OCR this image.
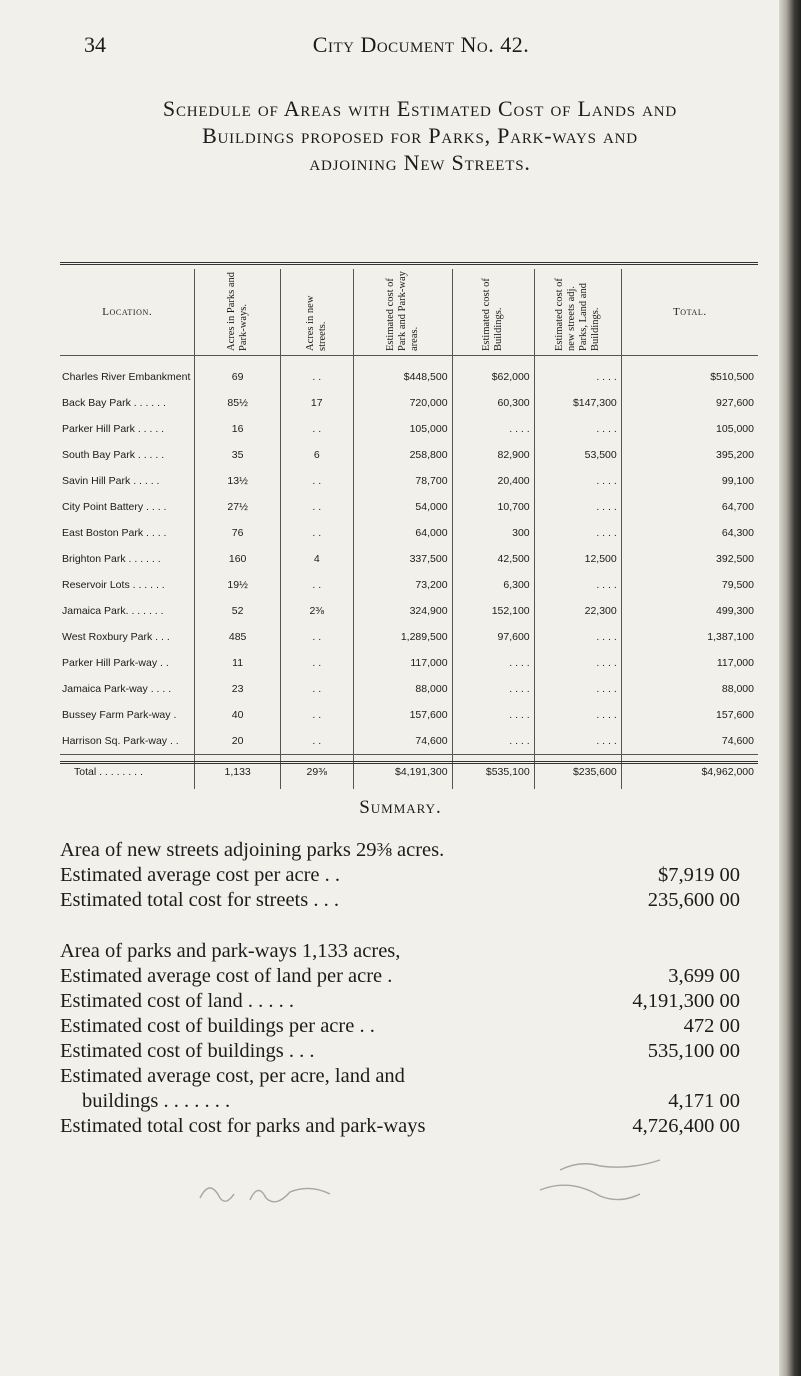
34	City Document No. 42.
Schedule of Areas with Estimated Cost of Lands and
Buildings proposed for Parks, Park-ways and
adjoining New Streets.
Location.	Acres in Parks and Park-ways.	Acres in new streets.	Estimated cost of Park and Park-way areas.	Estimated cost of Buildings.	Estimated cost of new streets adj. Parks, Land and Buildings.	Total.
Charles River Embankment	69	. .	$448,500	$62,000	. . . .	$510,500
Back Bay Park . . . . . .	85½	17	720,000	60,300	$147,300	927,600
Parker Hill Park . . . . .	16	. .	105,000	. . . .	. . . .	105,000
South Bay Park . . . . .	35	6	258,800	82,900	53,500	395,200
Savin Hill Park . . . . .	13½	. .	78,700	20,400	. . . .	99,100
City Point Battery . . . .	27½	. .	54,000	10,700	. . . .	64,700
East Boston Park . . . .	76	. .	64,000	300	. . . .	64,300
Brighton Park . . . . . .	160	4	337,500	42,500	12,500	392,500
Reservoir Lots . . . . . .	19½	. .	73,200	6,300	. . . .	79,500
Jamaica Park. . . . . . .	52	2⅜	324,900	152,100	22,300	499,300
West Roxbury Park . . .	485	. .	1,289,500	97,600	. . . .	1,387,100
Parker Hill Park-way . .	11	. .	117,000	. . . .	. . . .	117,000
Jamaica Park-way . . . .	23	. .	88,000	. . . .	. . . .	88,000
Bussey Farm Park-way .	40	. .	157,600	. . . .	. . . .	157,600
Harrison Sq. Park-way . .	20	. .	74,600	. . . .	. . . .	74,600
Total . . . . . . . .	1,133	29⅜	$4,191,300	$535,100	$235,600	$4,962,000
Summary.
Area of new streets adjoining parks 29⅜ acres.
Estimated average cost per acre . .	$7,919 00
Estimated total cost for streets . . .	235,600 00
Area of parks and park-ways 1,133 acres,
Estimated average cost of land per acre .	3,699 00
Estimated cost of land . . . . .	4,191,300 00
Estimated cost of buildings per acre . .	472 00
Estimated cost of buildings . . .	535,100 00
Estimated average cost, per acre, land and
buildings . . . . . . .	4,171 00
Estimated total cost for parks and park-ways	4,726,400 00
